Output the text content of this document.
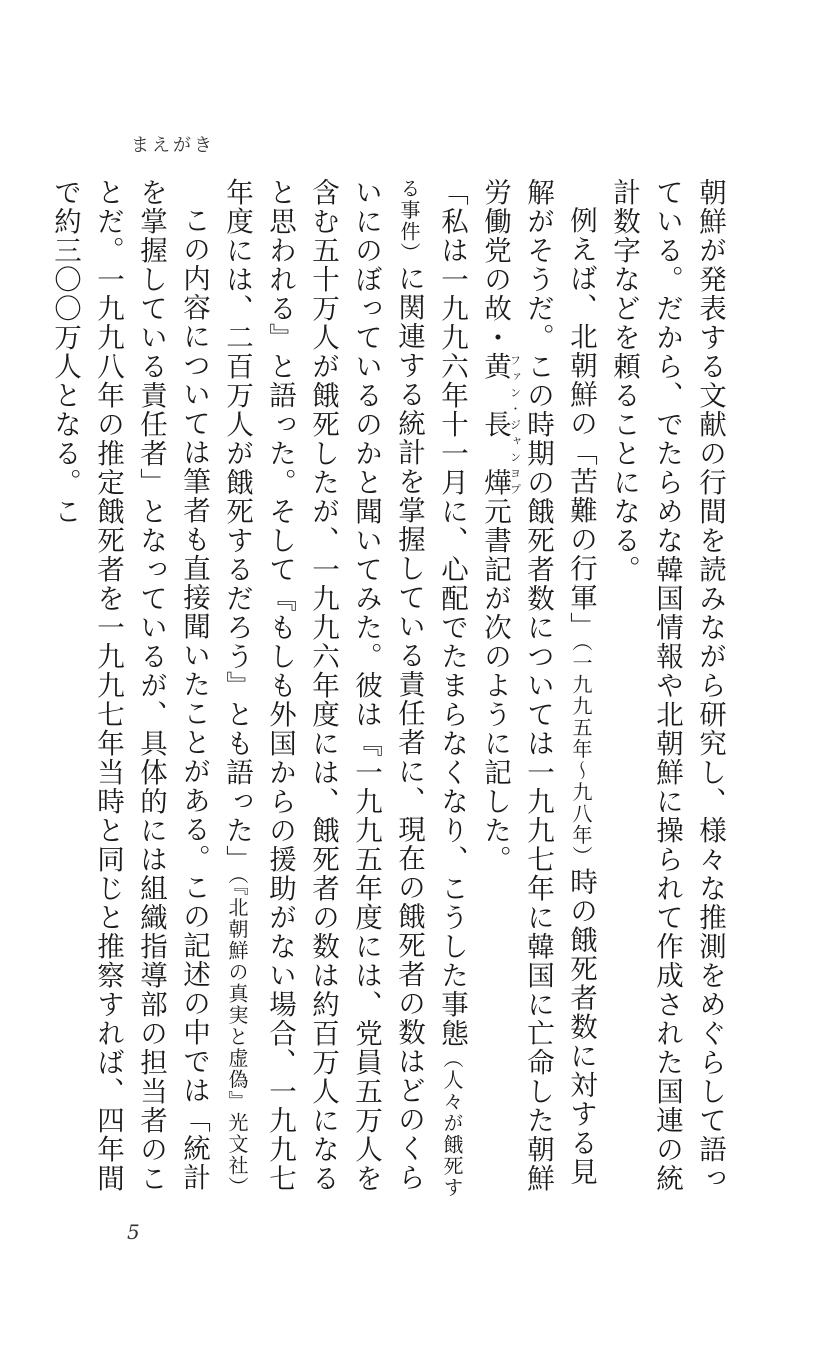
まえがき

朝鮮が発表する文献の行間を読みながら研究し、様々な推測をめぐらして語っている。だから、でたらめな韓国情報や北朝鮮に操られて作成された国連の統計数字などを頼ることになる。

例えば、北朝鮮の「苦難の行軍」（一九九五年〜九八年）時の餓死者数に対する見解がそうだ。この時期の餓死者数については一九九七年に韓国に亡命した朝鮮労働党の故・黄　長　燁ファン・ジャンヨプ元書記が次のように記した。

「私は一九九六年十一月に、心配でたまらなくなり、こうした事態（人々が餓死する事件）に関連する統計を掌握している責任者に、現在の餓死者の数はどのくらいにのぼっているのかと聞いてみた。彼は『一九九五年度には、党員五万人を含む五十万人が餓死したが、一九九六年度には、餓死者の数は約百万人になると思われる』と語った。そして『もしも外国からの援助がない場合、一九九七年度には、二百万人が餓死するだろう』とも語った」（『北朝鮮の真実と虚偽』光文社）

この内容については筆者も直接聞いたことがある。この記述の中では「統計を掌握している責任者」となっているが、具体的には組織指導部の担当者のことだ。一九九八年の推定餓死者を一九九七年当時と同じと推察すれば、四年間で約三〇〇万人となる。こ

5
